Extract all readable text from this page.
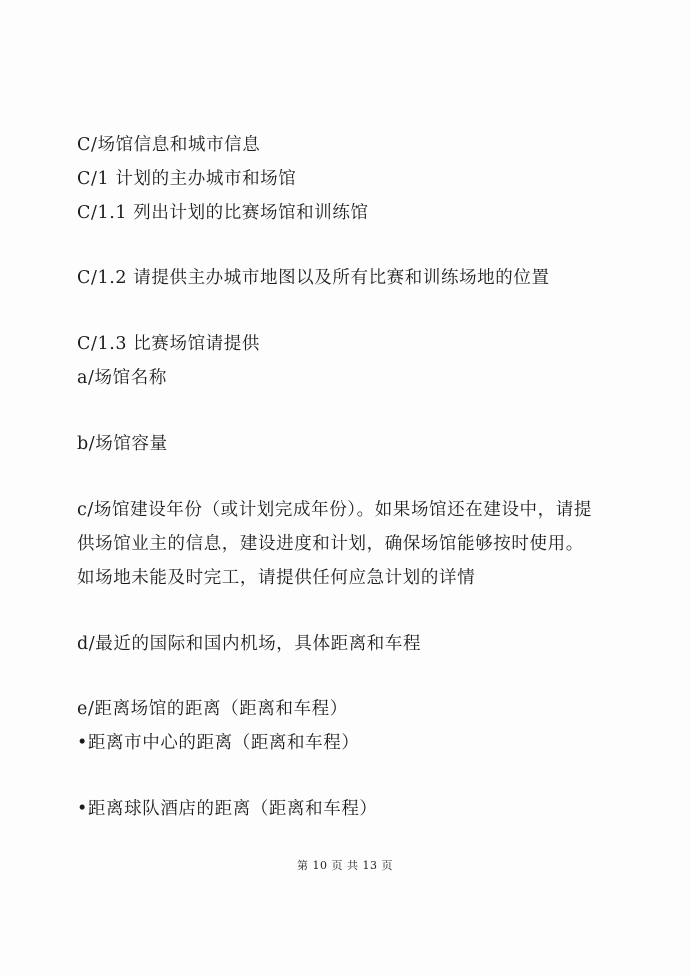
C/场馆信息和城市信息
C/1 计划的主办城市和场馆
C/1.1 列出计划的比赛场馆和训练馆
C/1.2 请提供主办城市地图以及所有比赛和训练场地的位置
C/1.3 比赛场馆请提供
a/场馆名称
b/场馆容量
c/场馆建设年份（或计划完成年份）。如果场馆还在建设中，请提
供场馆业主的信息，建设进度和计划，确保场馆能够按时使用。
如场地未能及时完工，请提供任何应急计划的详情
d/最近的国际和国内机场，具体距离和车程
e/距离场馆的距离（距离和车程）
•距离市中心的距离（距离和车程）
•距离球队酒店的距离（距离和车程）
第 10 页 共 13 页
